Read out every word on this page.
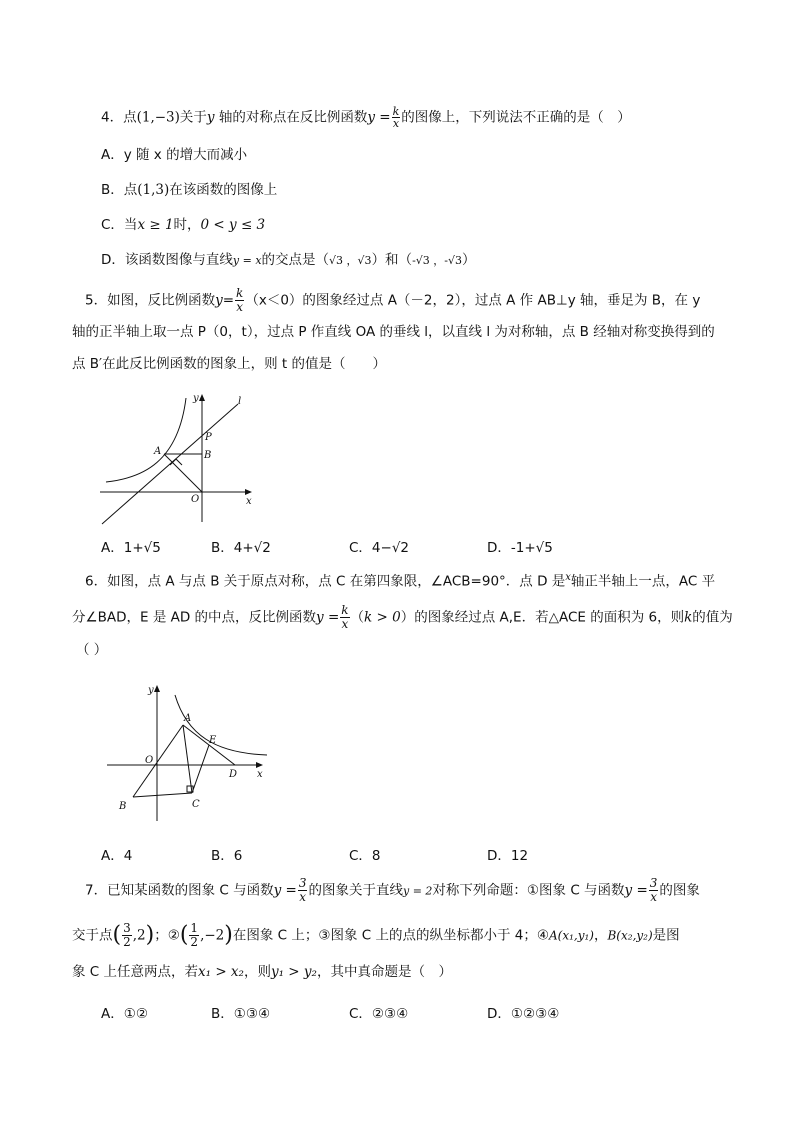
4．点(1,−3)关于y 轴的对称点在反比例函数$y = \frac{k}{x}$ 的图像上，下列说法不正确的是（　）
A．y 随 x 的增大而减小
B．点(1,3)在该函数的图像上
C．当x ≥ 1时，0 < y ≤ 3
D．该函数图像与直线y = x的交点是（√3 ，√3）和（-√3 ，-√3）
5．如图，反比例函数$y= \frac{k}{x} (x<0)$的图象经过点 A（－2，2），过点 A 作 AB⊥y 轴，垂足为 B，在 y
轴的正半轴上取一点 P（0，t），过点 P 作直线 OA 的垂线 l，以直线 l 为对称轴，点 B 经轴对称变换得到的
点 B′在此反比例函数的图象上，则 t 的值是（　　）
y	l
P
A	B
O	x
A．1+√5	B．4+√2	C．4−√2	D．-1+√5
6．如图，点 A 与点 B 关于原点对称，点 C 在第四象限，∠ACB=90°．点 D 是$^x$轴正半轴上一点，AC 平
分∠BAD，E 是 AD 的中点，反比例函数$y = \frac{k}{x} (k > 0)$的图象经过点 A,E．若△ACE 的面积为 6，则k的值为
（ ）
y
A
E
O
D x
B	C
A．4	B．6	C．8	D．12
7．已知某函数的图象 C 与函数$y = \frac{3}{x}$ 的图象关于直线y = 2对称下列命题：①图象 C 与函数$y = \frac{3}{x}$ 的图象
交于点( $\frac{3}{2} ,2$)；②( $\frac{1}{2} ,-2$)在图象 C 上；③图象 C 上的点的纵坐标都小于 4；④A(x₁,y₁)，B(x₂,y₂)是图
象 C 上任意两点，若x₁ > x₂，则y₁ > y₂，其中真命题是（　）
A．①②	B．①③④	C．②③④	D．①②③④
